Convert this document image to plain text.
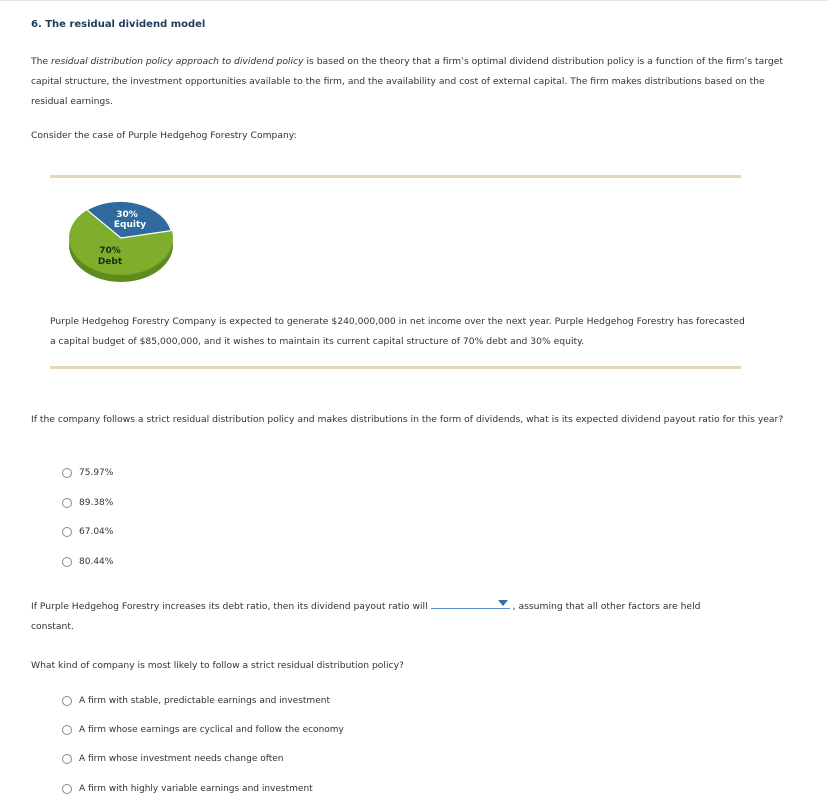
6. The residual dividend model
The residual distribution policy approach to dividend policy is based on the theory that a firm’s optimal dividend distribution policy is a function of the firm’s target capital structure, the investment opportunities available to the firm, and the availability and cost of external capital. The firm makes distributions based on the residual earnings.
Consider the case of Purple Hedgehog Forestry Company:
30%
Equity
70%
Debt
Purple Hedgehog Forestry Company is expected to generate $240,000,000 in net income over the next year. Purple Hedgehog Forestry has forecasted a capital budget of $85,000,000, and it wishes to maintain its current capital structure of 70% debt and 30% equity.
If the company follows a strict residual distribution policy and makes distributions in the form of dividends, what is its expected dividend payout ratio for this year?
75.97%
89.38%
67.04%
80.44%
If Purple Hedgehog Forestry increases its debt ratio, then its dividend payout ratio will	, assuming that all other factors are held
constant.
What kind of company is most likely to follow a strict residual distribution policy?
A firm with stable, predictable earnings and investment
A firm whose earnings are cyclical and follow the economy
A firm whose investment needs change often
A firm with highly variable earnings and investment
